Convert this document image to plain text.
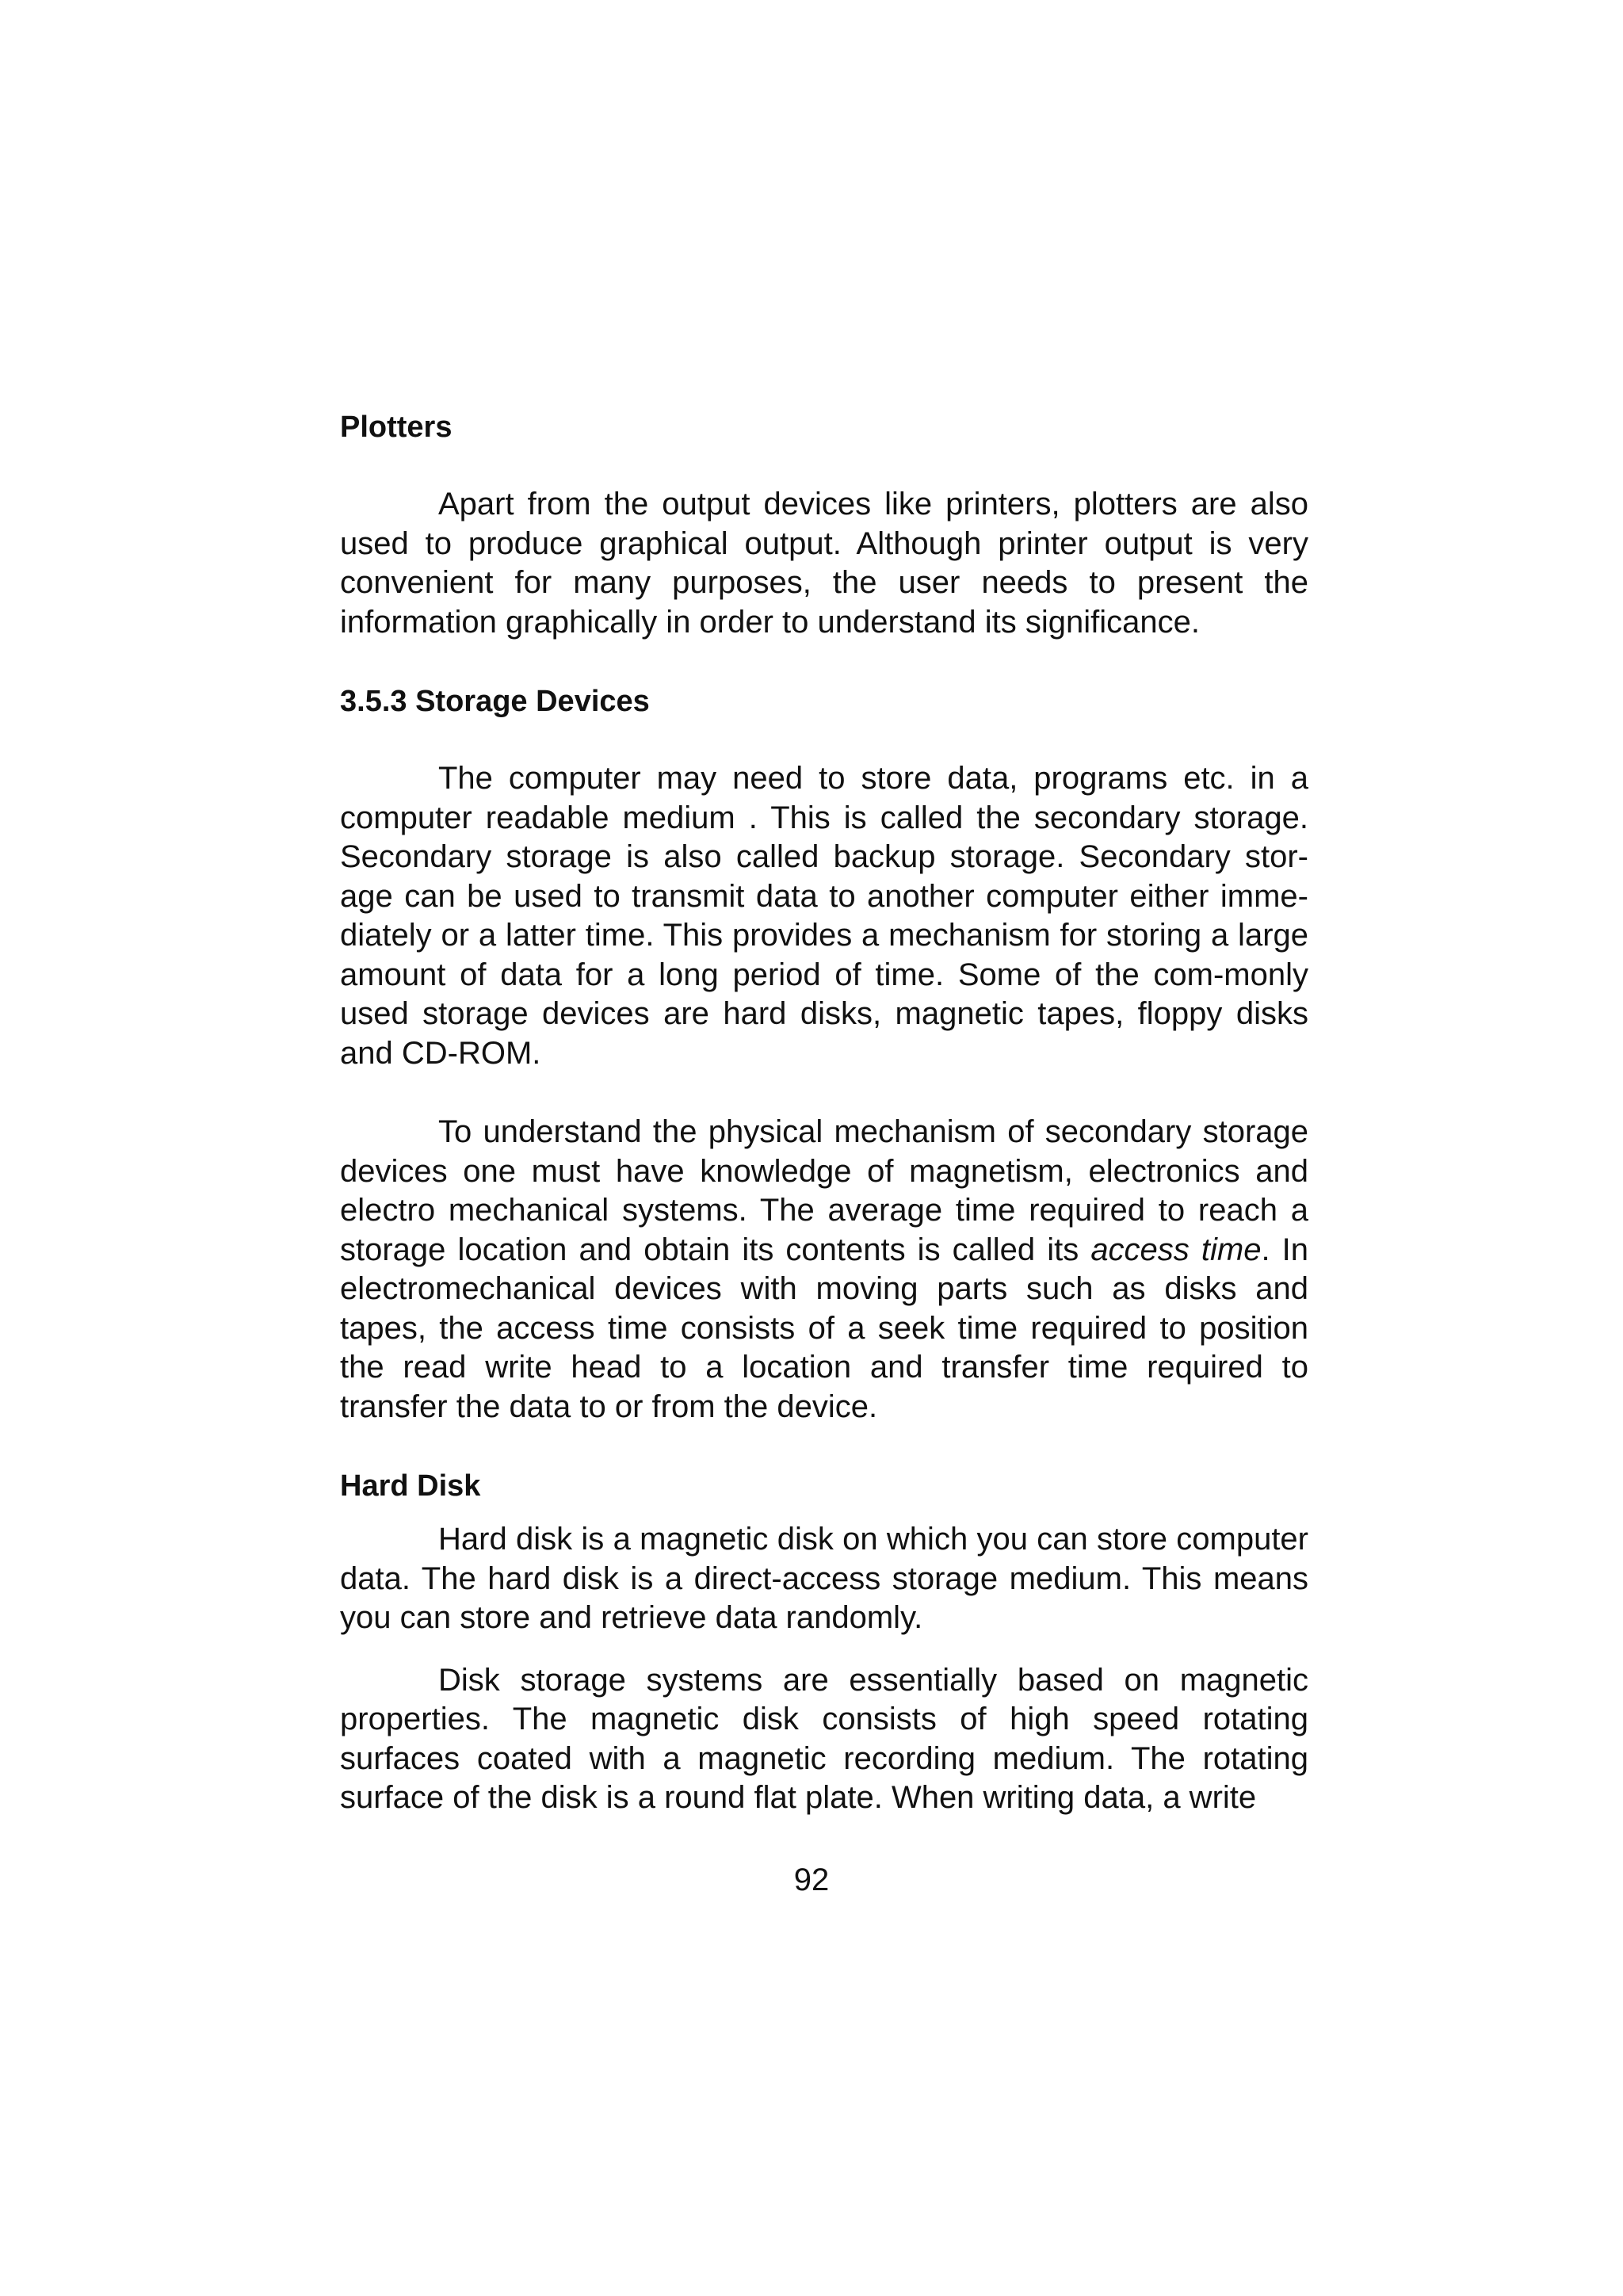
Plotters

Apart from the output devices like printers, plotters are also used to produce graphical output. Although printer output is very convenient for many purposes, the user needs to present the information graphically in order to understand its significance.

3.5.3 Storage Devices

The computer may need to store data, programs etc. in a computer readable medium . This is called the secondary storage. Secondary storage is also called backup storage. Secondary stor-age can be used to transmit data to another computer either imme-diately or a latter time. This provides a mechanism for storing a large amount of data for a long period of time. Some of the com-monly used storage devices are hard disks, magnetic tapes, floppy disks and CD-ROM.

To understand the physical mechanism of secondary storage devices one must have knowledge of magnetism, electronics and electro mechanical systems. The average time required to reach a storage location and obtain its contents is called its access time. In electromechanical devices with moving parts such as disks and tapes, the access time consists of a seek time required to position the read write head to a location and transfer time required to transfer the data to or from the device.

Hard Disk

Hard disk is a magnetic disk on which you can store computer data. The hard disk is a direct-access storage medium. This means you can store and retrieve data randomly.

Disk storage systems are essentially based on magnetic properties. The magnetic disk consists of high speed rotating surfaces coated with a magnetic recording medium. The rotating surface of the disk is a round flat plate. When writing data, a write

92
